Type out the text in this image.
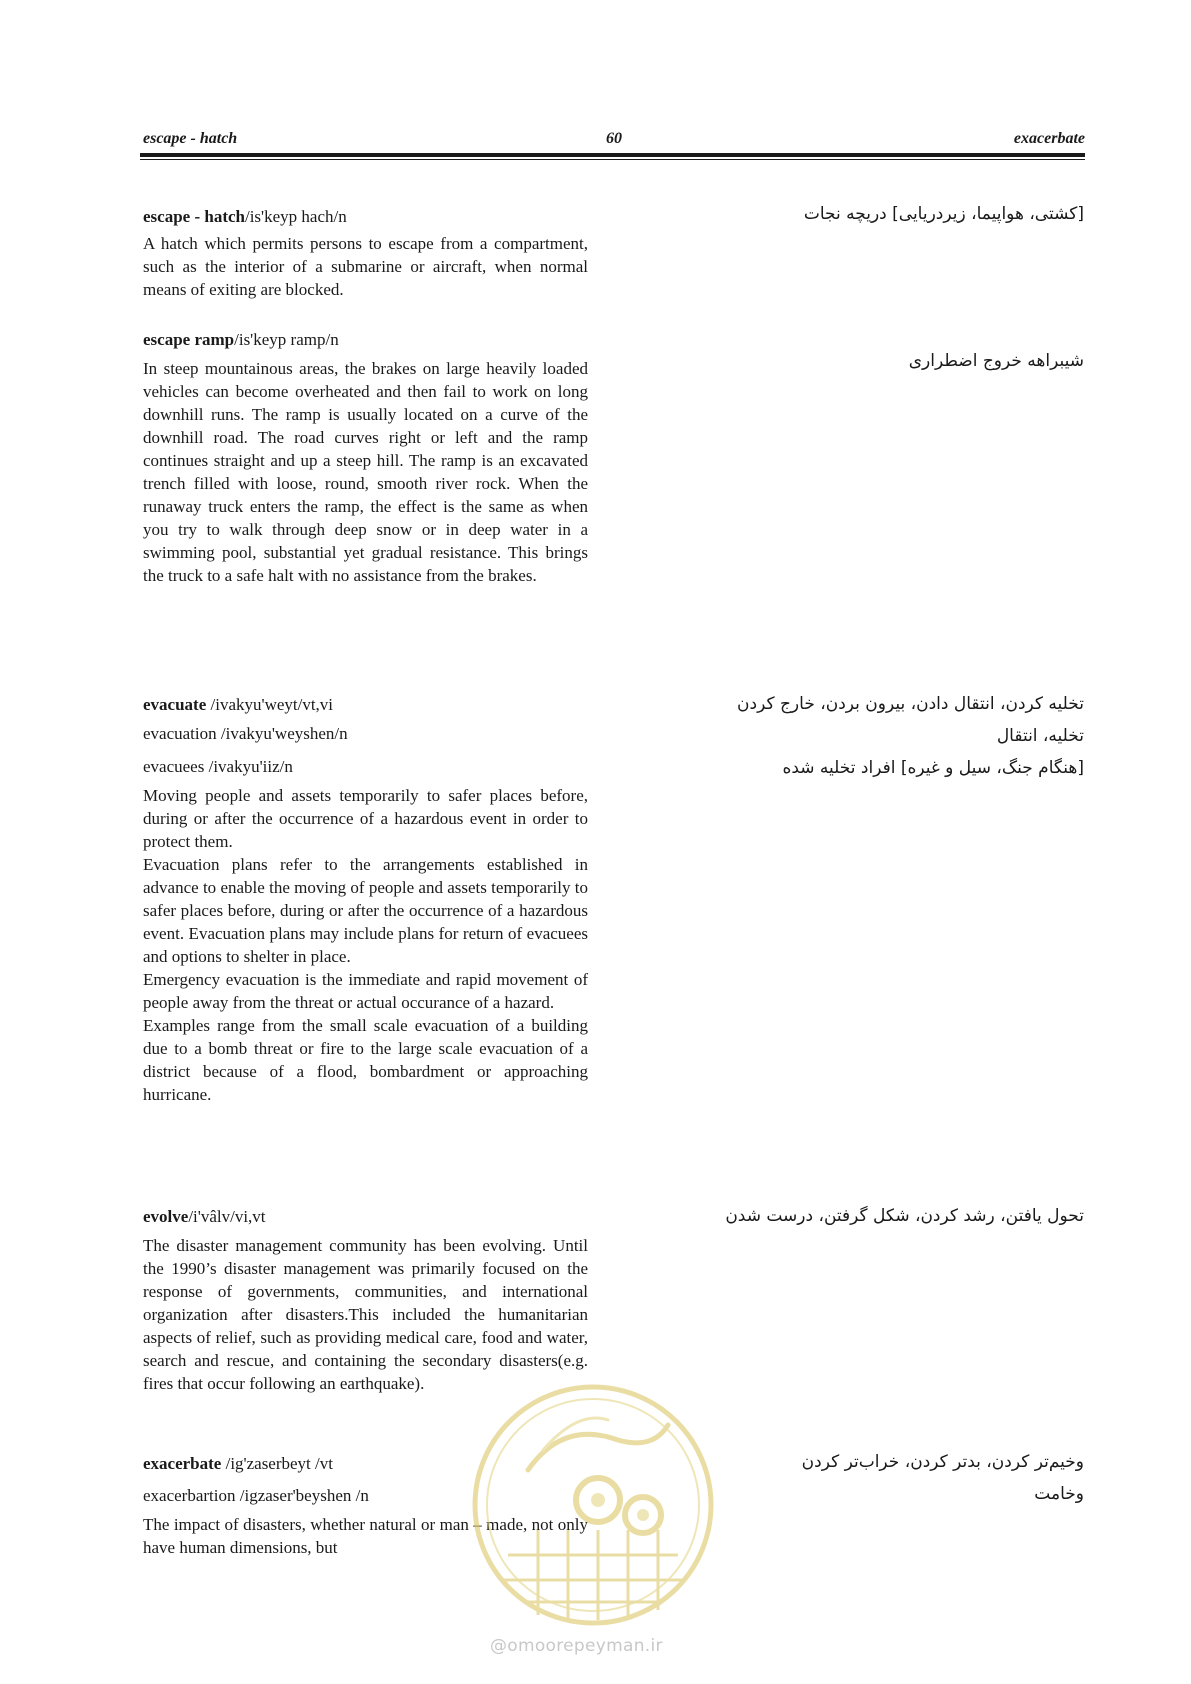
escape - hatch	60	exacerbate
escape - hatch/is'keyp hach/n
A hatch which permits persons to escape from a compartment, such as the interior of a submarine or aircraft, when normal means of exiting are blocked.
[کشتی، هواپیما، زیردریایی] دریچه نجات
escape ramp/is'keyp ramp/n
In steep mountainous areas, the brakes on large heavily loaded vehicles can become overheated and then fail to work on long downhill runs. The ramp is usually located on a curve of the downhill road. The road curves right or left and the ramp continues straight and up a steep hill. The ramp is an excavated trench filled with loose, round, smooth river rock. When the runaway truck enters the ramp, the effect is the same as when you try to walk through deep snow or in deep water in a swimming pool, substantial yet gradual resistance. This brings the truck to a safe halt with no assistance from the brakes.
شیبراهه خروج اضطراری
evacuate /ivakyu'weyt/vt,vi
evacuation /ivakyu'weyshen/n
evacuees /ivakyu'iiz/n
Moving people and assets temporarily to safer places before, during or after the occurrence of a hazardous event in order to protect them.
Evacuation plans refer to the arrangements established in advance to enable the moving of people and assets temporarily to safer places before, during or after the occurrence of a hazardous event. Evacuation plans may include plans for return of evacuees and options to shelter in place.
Emergency evacuation is the immediate and rapid movement of people away from the threat or actual occurance of a hazard.
Examples range from the small scale evacuation of a building due to a bomb threat or fire to the large scale evacuation of a district because of a flood, bombardment or approaching hurricane.
تخلیه کردن، انتقال دادن، بیرون بردن، خارج کردن
تخلیه، انتقال
[هنگام جنگ، سیل و غیره] افراد تخلیه شده
evolve/i'vâlv/vi,vt
The disaster management community has been evolving. Until the 1990’s disaster management was primarily focused on the response of governments, communities, and international organization after disasters.This included the humanitarian aspects of relief, such as providing medical care, food and water, search and rescue, and containing the secondary disasters(e.g. fires that occur following an earthquake).
تحول یافتن، رشد کردن، شکل گرفتن، درست شدن
exacerbate /ig'zaserbeyt /vt
exacerbartion /igzaser'beyshen /n
The impact of disasters, whether natural or man – made, not only have human dimensions, but
وخیم‌تر کردن، بدتر کردن، خراب‌تر کردن
وخامت
@omoorepeyman.ir
